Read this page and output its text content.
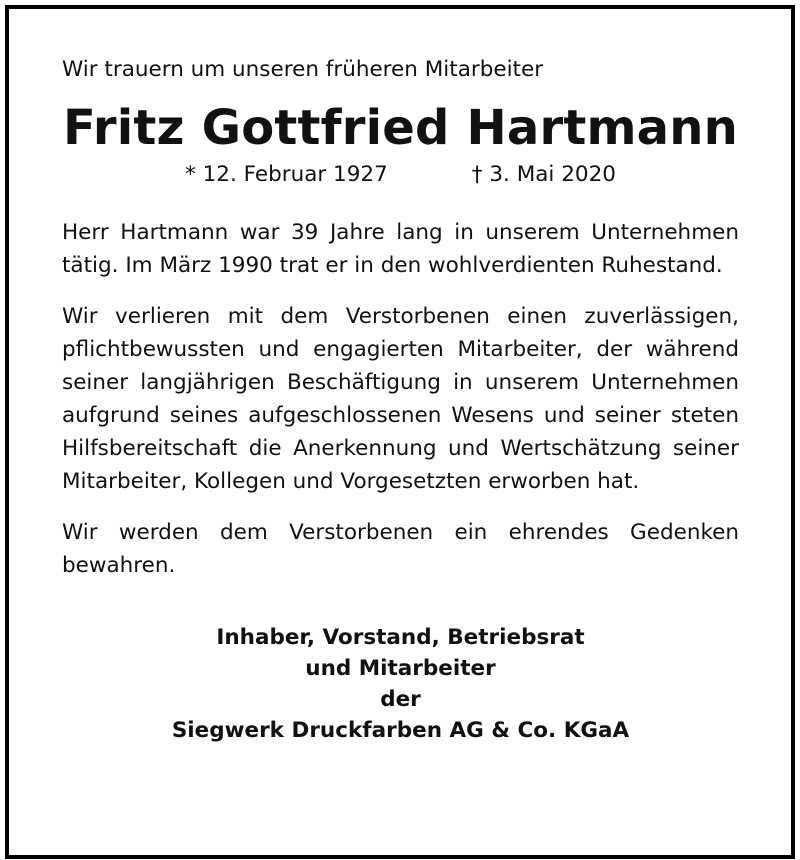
Wir trauern um unseren früheren Mitarbeiter

Fritz Gottfried Hartmann
* 12. Februar 1927	† 3. Mai 2020

Herr Hartmann war 39 Jahre lang in unserem Unternehmen tätig. Im März 1990 trat er in den wohlverdienten Ruhestand.

Wir verlieren mit dem Verstorbenen einen zuverlässigen, pflichtbewussten und engagierten Mitarbeiter, der während seiner langjährigen Beschäftigung in unserem Unternehmen aufgrund seines aufgeschlossenen Wesens und seiner steten Hilfsbereitschaft die Anerkennung und Wertschätzung seiner Mitarbeiter, Kollegen und Vorgesetzten erworben hat.

Wir werden dem Verstorbenen ein ehrendes Gedenken bewahren.

Inhaber, Vorstand, Betriebsrat
und Mitarbeiter
der
Siegwerk Druckfarben AG & Co. KGaA
